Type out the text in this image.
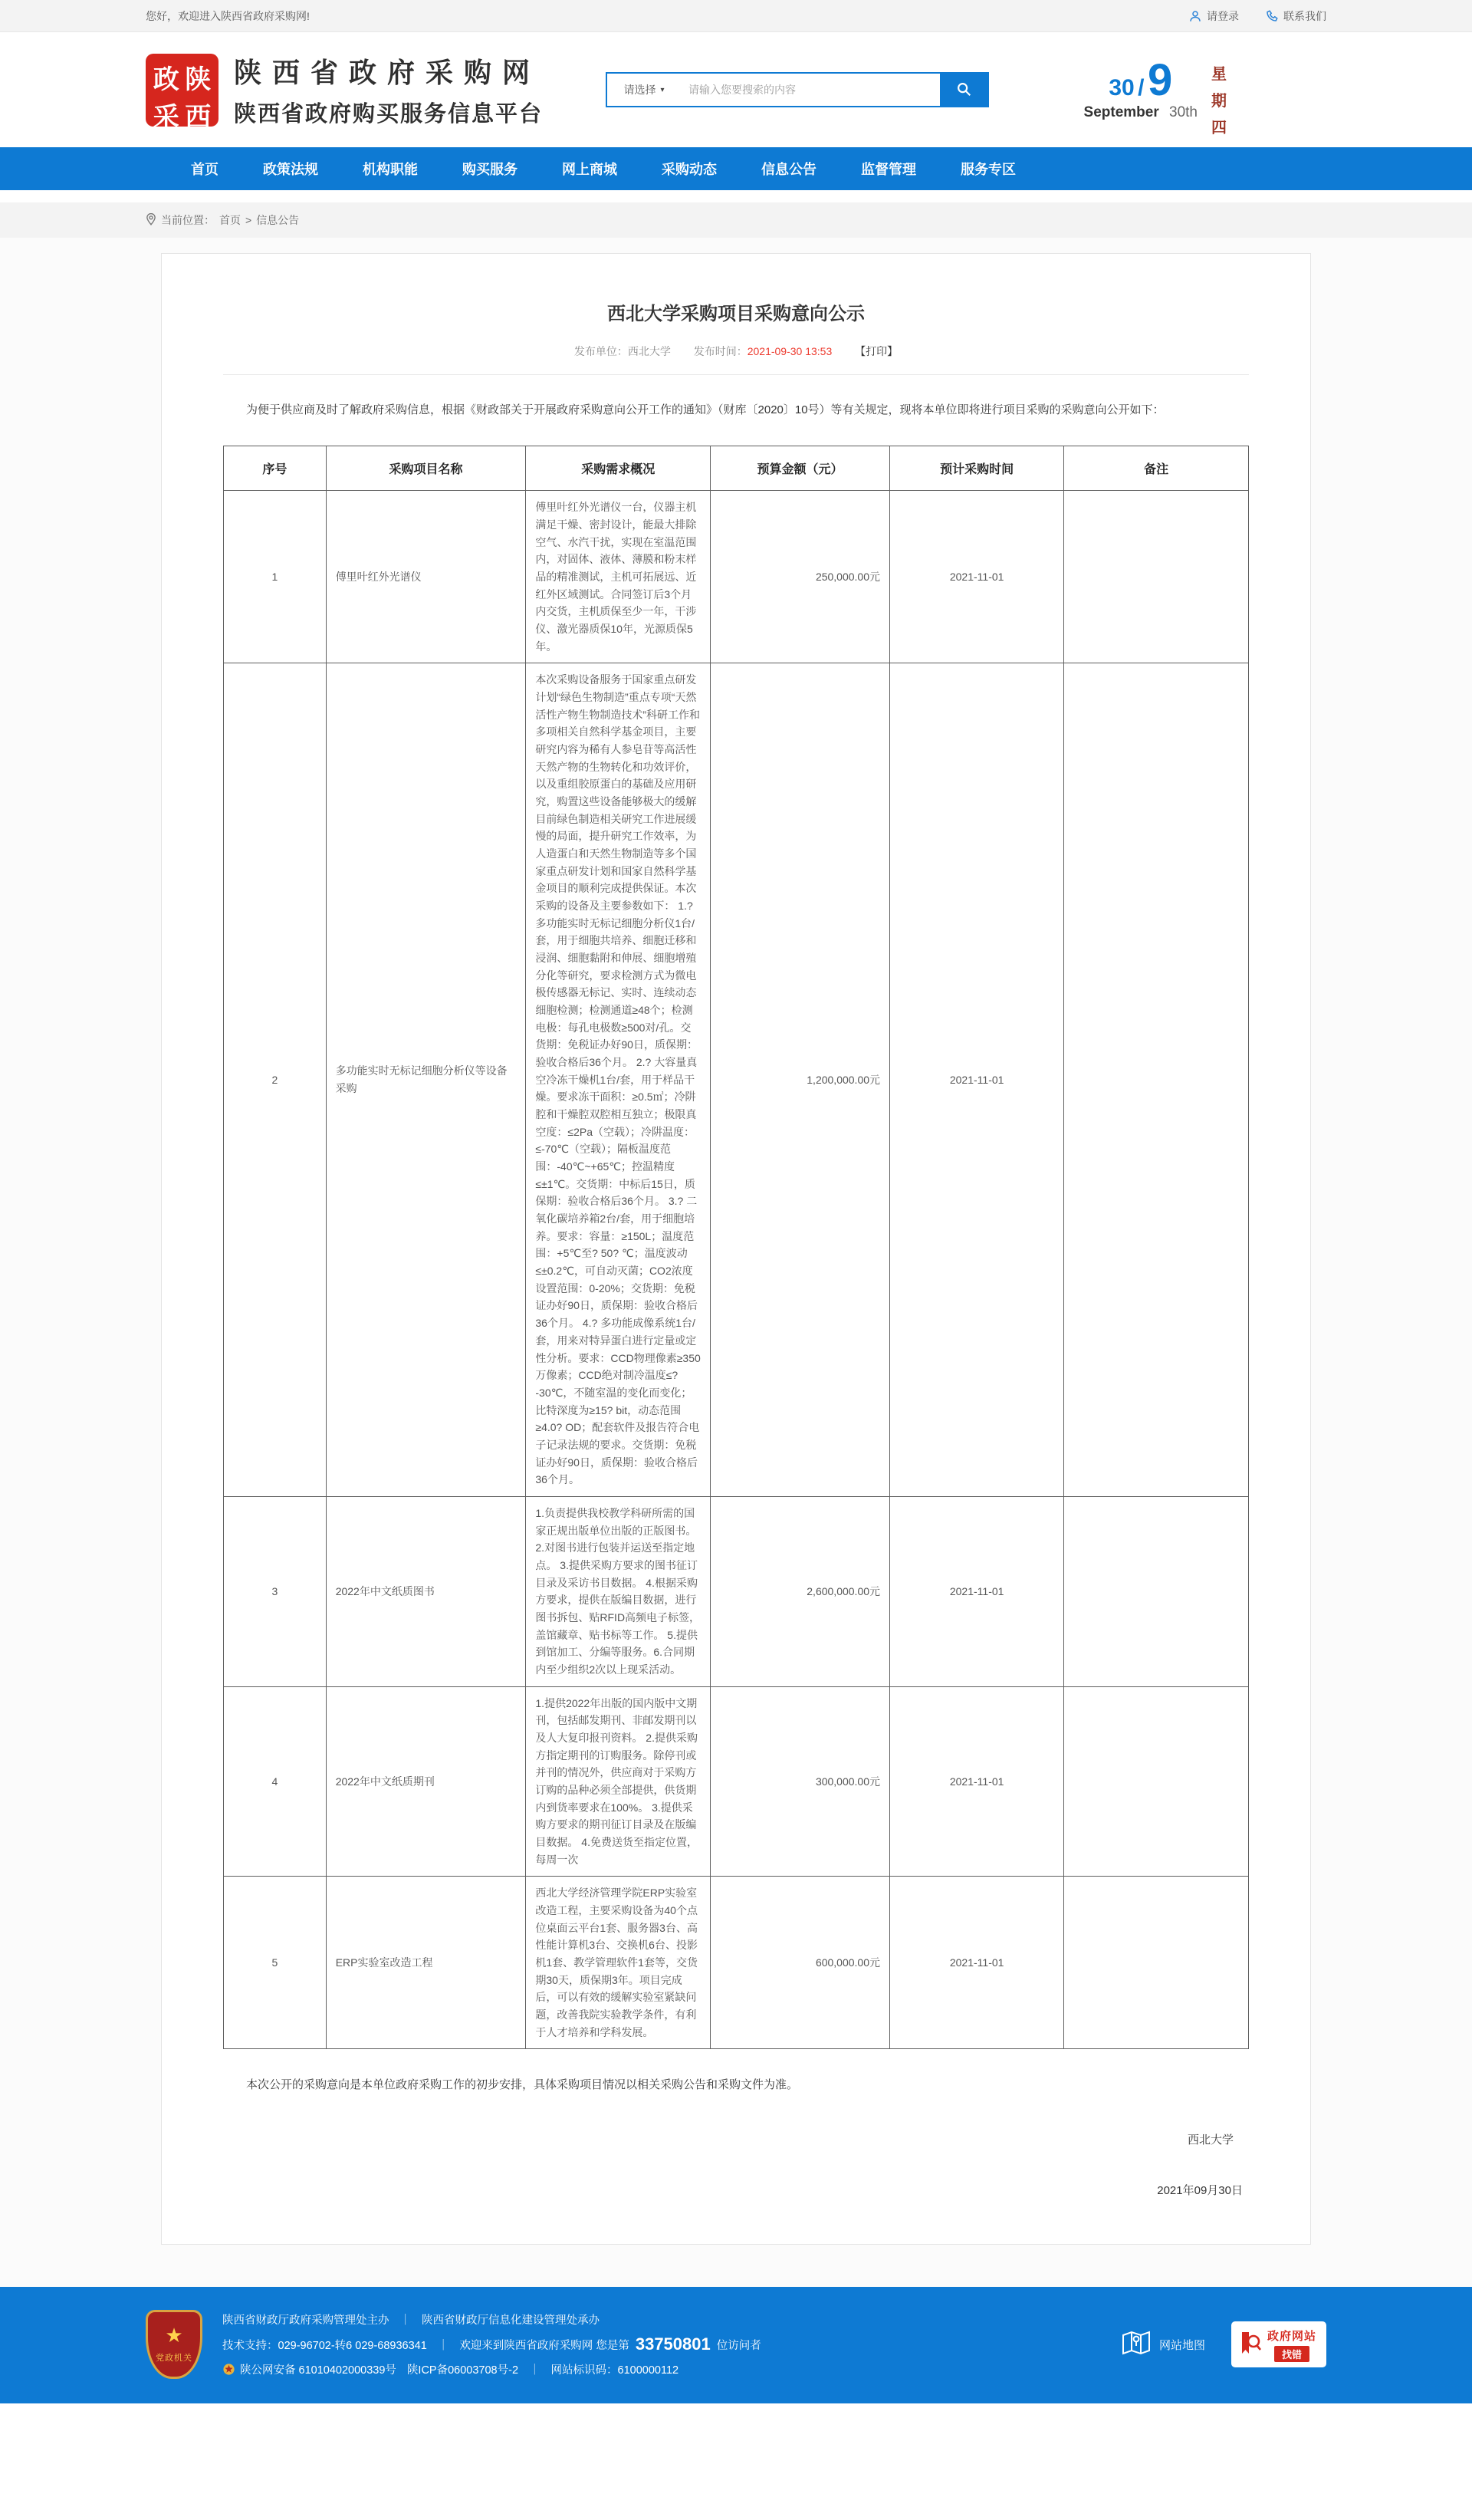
您好，欢迎进入陕西省政府采购网!	请登录	联系我们
政 陕
采 西
陕西省政府采购网
陕西省政府购买服务信息平台
请选择 ▾
请输入您要搜索的内容	30 / 9
September 30th
星
期
四
首页	政策法规	机构职能	购买服务	网上商城	采购动态	信息公告	监督管理	服务专区
当前位置： 首页 > 信息公告
西北大学采购项目采购意向公示
发布单位：西北大学 发布时间：2021-09-30 13:53 【打印】

为便于供应商及时了解政府采购信息，根据《财政部关于开展政府采购意向公开工作的通知》（财库〔2020〕10号）等有关规定，现将本单位即将进行项目采购的采购意向公开如下：

序号	采购项目名称	采购需求概况	预算金额（元）	预计采购时间	备注
1	傅里叶红外光谱仪	傅里叶红外光谱仪一台，仪器主机满足干燥、密封设计，能最大排除空气、水汽干扰，实现在室温范围内，对固体、液体、薄膜和粉末样品的精准测试，主机可拓展远、近红外区域测试。合同签订后3个月内交货，主机质保至少一年，干涉仪、激光器质保10年，光源质保5年。	250,000.00元	2021-11-01	
2	多功能实时无标记细胞分析仪等设备采购	本次采购设备服务于国家重点研发计划“绿色生物制造”重点专项“天然活性产物生物制造技术”科研工作和多项相关自然科学基金项目，主要研究内容为稀有人参皂苷等高活性天然产物的生物转化和功效评价，以及重组胶原蛋白的基础及应用研究，购置这些设备能够极大的缓解目前绿色制造相关研究工作进展缓慢的局面，提升研究工作效率，为人造蛋白和天然生物制造等多个国家重点研发计划和国家自然科学基金项目的顺利完成提供保证。本次采购的设备及主要参数如下： 1.? 多功能实时无标记细胞分析仪1台/套，用于细胞共培养、细胞迁移和浸润、细胞黏附和伸展、细胞增殖分化等研究，要求检测方式为微电极传感器无标记、实时、连续动态细胞检测；检测通道≥48个；检测电极：每孔电极数≥500对/孔。交货期：免税证办好90日，质保期：验收合格后36个月。 2.? 大容量真空冷冻干燥机1台/套，用于样品干燥。要求冻干面积：≥0.5㎡；冷阱腔和干燥腔双腔相互独立；极限真空度：≤2Pa（空载）；冷阱温度：≤-70℃（空载）；隔板温度范围：-40℃~+65℃；控温精度≤±1℃。交货期：中标后15日，质保期：验收合格后36个月。 3.? 二氧化碳培养箱2台/套，用于细胞培养。要求：容量：≥150L；温度范围：+5℃至? 50? ℃；温度波动≤±0.2℃，可自动灭菌；CO2浓度设置范围：0-20%；交货期：免税证办好90日，质保期：验收合格后36个月。 4.? 多功能成像系统1台/套，用来对特异蛋白进行定量或定性分析。要求：CCD物理像素≥350万像素；CCD绝对制冷温度≤? -30℃，不随室温的变化而变化；比特深度为≥15? bit，动态范围≥4.0? OD；配套软件及报告符合电子记录法规的要求。交货期：免税证办好90日，质保期：验收合格后36个月。	1,200,000.00元	2021-11-01	
3	2022年中文纸质图书	1.负责提供我校教学科研所需的国家正规出版单位出版的正版图书。 2.对图书进行包装并运送至指定地点。 3.提供采购方要求的图书征订目录及采访书目数据。 4.根据采购方要求，提供在版编目数据，进行图书拆包、贴RFID高频电子标签，盖馆藏章、贴书标等工作。 5.提供到馆加工、分编等服务。6.合同期内至少组织2次以上现采活动。	2,600,000.00元	2021-11-01	
4	2022年中文纸质期刊	1.提供2022年出版的国内版中文期刊，包括邮发期刊、非邮发期刊以及人大复印报刊资料。 2.提供采购方指定期刊的订购服务。除停刊或并刊的情况外，供应商对于采购方订购的品种必须全部提供，供货期内到货率要求在100%。 3.提供采购方要求的期刊征订目录及在版编目数据。 4.免费送货至指定位置，每周一次	300,000.00元	2021-11-01	
5	ERP实验室改造工程	西北大学经济管理学院ERP实验室改造工程，主要采购设备为40个点位桌面云平台1套、服务器3台、高性能计算机3台、交换机6台、投影机1套、教学管理软件1套等，交货期30天，质保期3年。项目完成后，可以有效的缓解实验室紧缺问题，改善我院实验教学条件，有利于人才培养和学科发展。	600,000.00元	2021-11-01	

本次公开的采购意向是本单位政府采购工作的初步安排，具体采购项目情况以相关采购公告和采购文件为准。

西北大学
2021年09月30日
★
党政机关
陕西省财政厅政府采购管理处主办 ｜ 陕西省财政厅信息化建设管理处承办
技术支持：029-96702-转6 029-68936341 ｜ 欢迎来到陕西省政府采购网 您是第 33750801 位访问者
陕公网安备 61010402000339号 陕ICP备06003708号-2 ｜ 网站标识码：6100000112
网站地图
政府网站
找错
